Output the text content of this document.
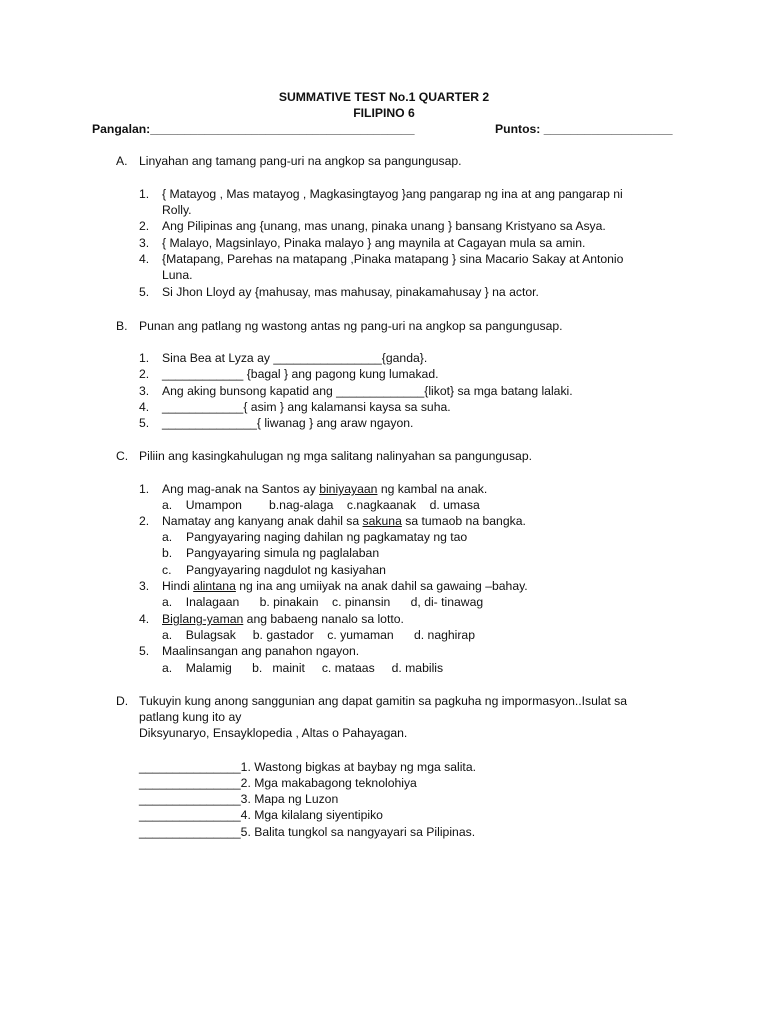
SUMMATIVE TEST No.1 QUARTER 2
FILIPINO 6
Pangalan:_______________________________________	Puntos: ___________________
A. Linyahan ang tamang pang-uri na angkop sa pangungusap.
1. { Matayog , Mas matayog , Magkasingtayog }ang pangarap ng ina at ang pangarap ni
Rolly.
2. Ang Pilipinas ang {unang, mas unang, pinaka unang } bansang Kristyano sa Asya.
3. { Malayo, Magsinlayo, Pinaka malayo } ang maynila at Cagayan mula sa amin.
4. {Matapang, Parehas na matapang ,Pinaka matapang } sina Macario Sakay at Antonio
Luna.
5. Si Jhon Lloyd ay {mahusay, mas mahusay, pinakamahusay } na actor.
B. Punan ang patlang ng wastong antas ng pang-uri na angkop sa pangungusap.
1. Sina Bea at Lyza ay ________________{ganda}.
2. ____________ {bagal } ang pagong kung lumakad.
3. Ang aking bunsong kapatid ang _____________{likot} sa mga batang lalaki.
4. ____________{ asim } ang kalamansi kaysa sa suha.
5. ______________{ liwanag } ang araw ngayon.
C. Piliin ang kasingkahulugan ng mga salitang nalinyahan sa pangungusap.
1. Ang mag-anak na Santos ay biniyayaan ng kambal na anak.
a.    Umampon        b.nag-alaga    c.nagkaanak    d. umasa
2. Namatay ang kanyang anak dahil sa sakuna sa tumaob na bangka.
a. Pangyayaring naging dahilan ng pagkamatay ng tao
b. Pangyayaring simula ng paglalaban
c. Pangyayaring nagdulot ng kasiyahan
3. Hindi alintana ng ina ang umiiyak na anak dahil sa gawaing –bahay.
a.    Inalagaan      b. pinakain    c. pinansin      d, di- tinawag
4. Biglang-yaman ang babaeng nanalo sa lotto.
a.    Bulagsak     b. gastador    c. yumaman      d. naghirap
5. Maalinsangan ang panahon ngayon.
a.    Malamig      b.   mainit     c. mataas     d. mabilis
D. Tukuyin kung anong sanggunian ang dapat gamitin sa pagkuha ng impormasyon..Isulat sa
patlang kung ito ay
Diksyunaryo, Ensayklopedia , Altas o Pahayagan.
_______________1. Wastong bigkas at baybay ng mga salita.
_______________2. Mga makabagong teknolohiya
_______________3. Mapa ng Luzon
_______________4. Mga kilalang siyentipiko
_______________5. Balita tungkol sa nangyayari sa Pilipinas.
